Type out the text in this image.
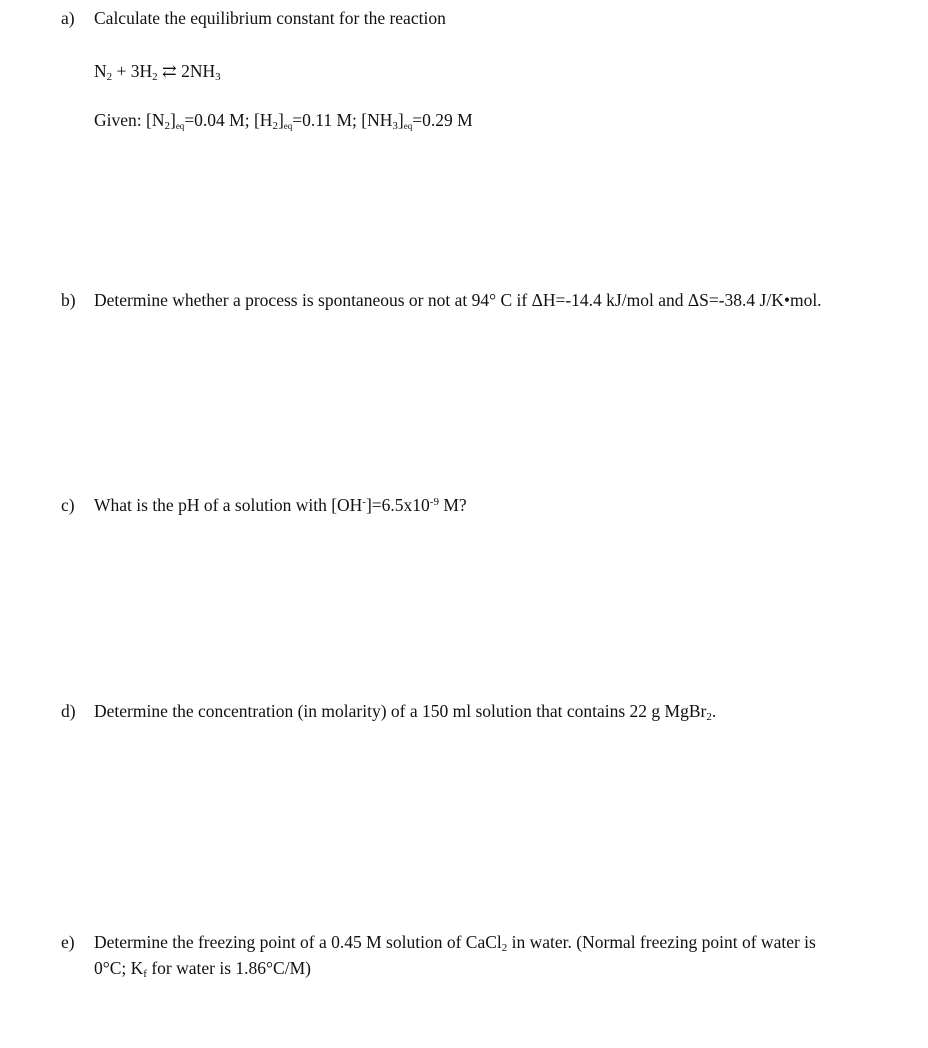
a) Calculate the equilibrium constant for the reaction
$N_2 + 3H_2$ ⇄ $2NH_3$
Given: $[N_2]eq=0.04$ M; $[H_2]eq=0.11$ M; $[NH_3]eq=0.29$ M
b) Determine whether a process is spontaneous or not at 94° C if ΔH=-14.4 kJ/mol and ΔS=-38.4 J/K•mol.
c) What is the pH of a solution with $[OH^-]=6.5x10^{-9}$ M?
d) Determine the concentration (in molarity) of a 150 ml solution that contains 22 g MgBr$_2$.
e) Determine the freezing point of a 0.45 M solution of CaCl$_2$ in water. (Normal freezing point of water is
0°C; $K_f$ for water is 1.86°C/M)
